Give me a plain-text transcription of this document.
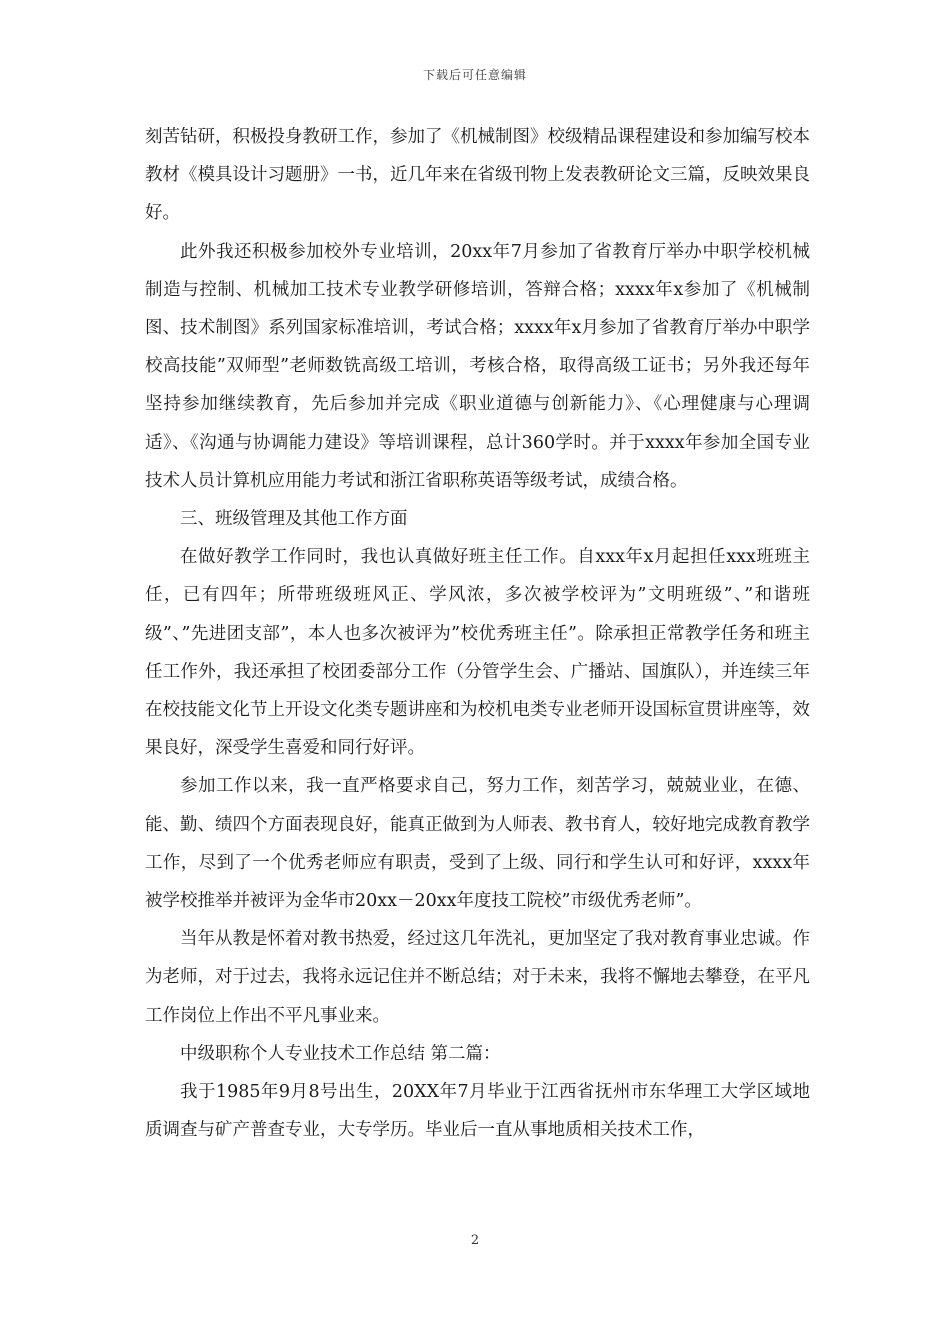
下载后可任意编辑

刻苦钻研，积极投身教研工作，参加了《机械制图》校级精品课程建设和参加编写校本教材《模具设计习题册》一书，近几年来在省级刊物上发表教研论文三篇，反映效果良好。

此外我还积极参加校外专业培训，20xx年7月参加了省教育厅举办中职学校机械制造与控制、机械加工技术专业教学研修培训，答辩合格；xxxx年x参加了《机械制图、技术制图》系列国家标准培训，考试合格；xxxx年x月参加了省教育厅举办中职学校高技能”双师型”老师数铣高级工培训，考核合格，取得高级工证书；另外我还每年坚持参加继续教育，先后参加并完成《职业道德与创新能力》、《心理健康与心理调适》、《沟通与协调能力建设》等培训课程，总计360学时。并于xxxx年参加全国专业技术人员计算机应用能力考试和浙江省职称英语等级考试，成绩合格。

三、班级管理及其他工作方面

在做好教学工作同时，我也认真做好班主任工作。自xxx年x月起担任xxx班班主任，已有四年；所带班级班风正、学风浓，多次被学校评为”文明班级”、”和谐班级”、”先进团支部”，本人也多次被评为”校优秀班主任”。除承担正常教学任务和班主任工作外，我还承担了校团委部分工作（分管学生会、广播站、国旗队），并连续三年在校技能文化节上开设文化类专题讲座和为校机电类专业老师开设国标宣贯讲座等，效果良好，深受学生喜爱和同行好评。

参加工作以来，我一直严格要求自己，努力工作，刻苦学习，兢兢业业，在德、能、勤、绩四个方面表现良好，能真正做到为人师表、教书育人，较好地完成教育教学工作，尽到了一个优秀老师应有职责，受到了上级、同行和学生认可和好评，xxxx年被学校推举并被评为金华市20xx－20xx年度技工院校”市级优秀老师”。

当年从教是怀着对教书热爱，经过这几年洗礼，更加坚定了我对教育事业忠诚。作为老师，对于过去，我将永远记住并不断总结；对于未来，我将不懈地去攀登，在平凡工作岗位上作出不平凡事业来。

中级职称个人专业技术工作总结 第二篇：

我于1985年9月8号出生，20XX年7月毕业于江西省抚州市东华理工大学区域地质调查与矿产普查专业，大专学历。毕业后一直从事地质相关技术工作，

2
